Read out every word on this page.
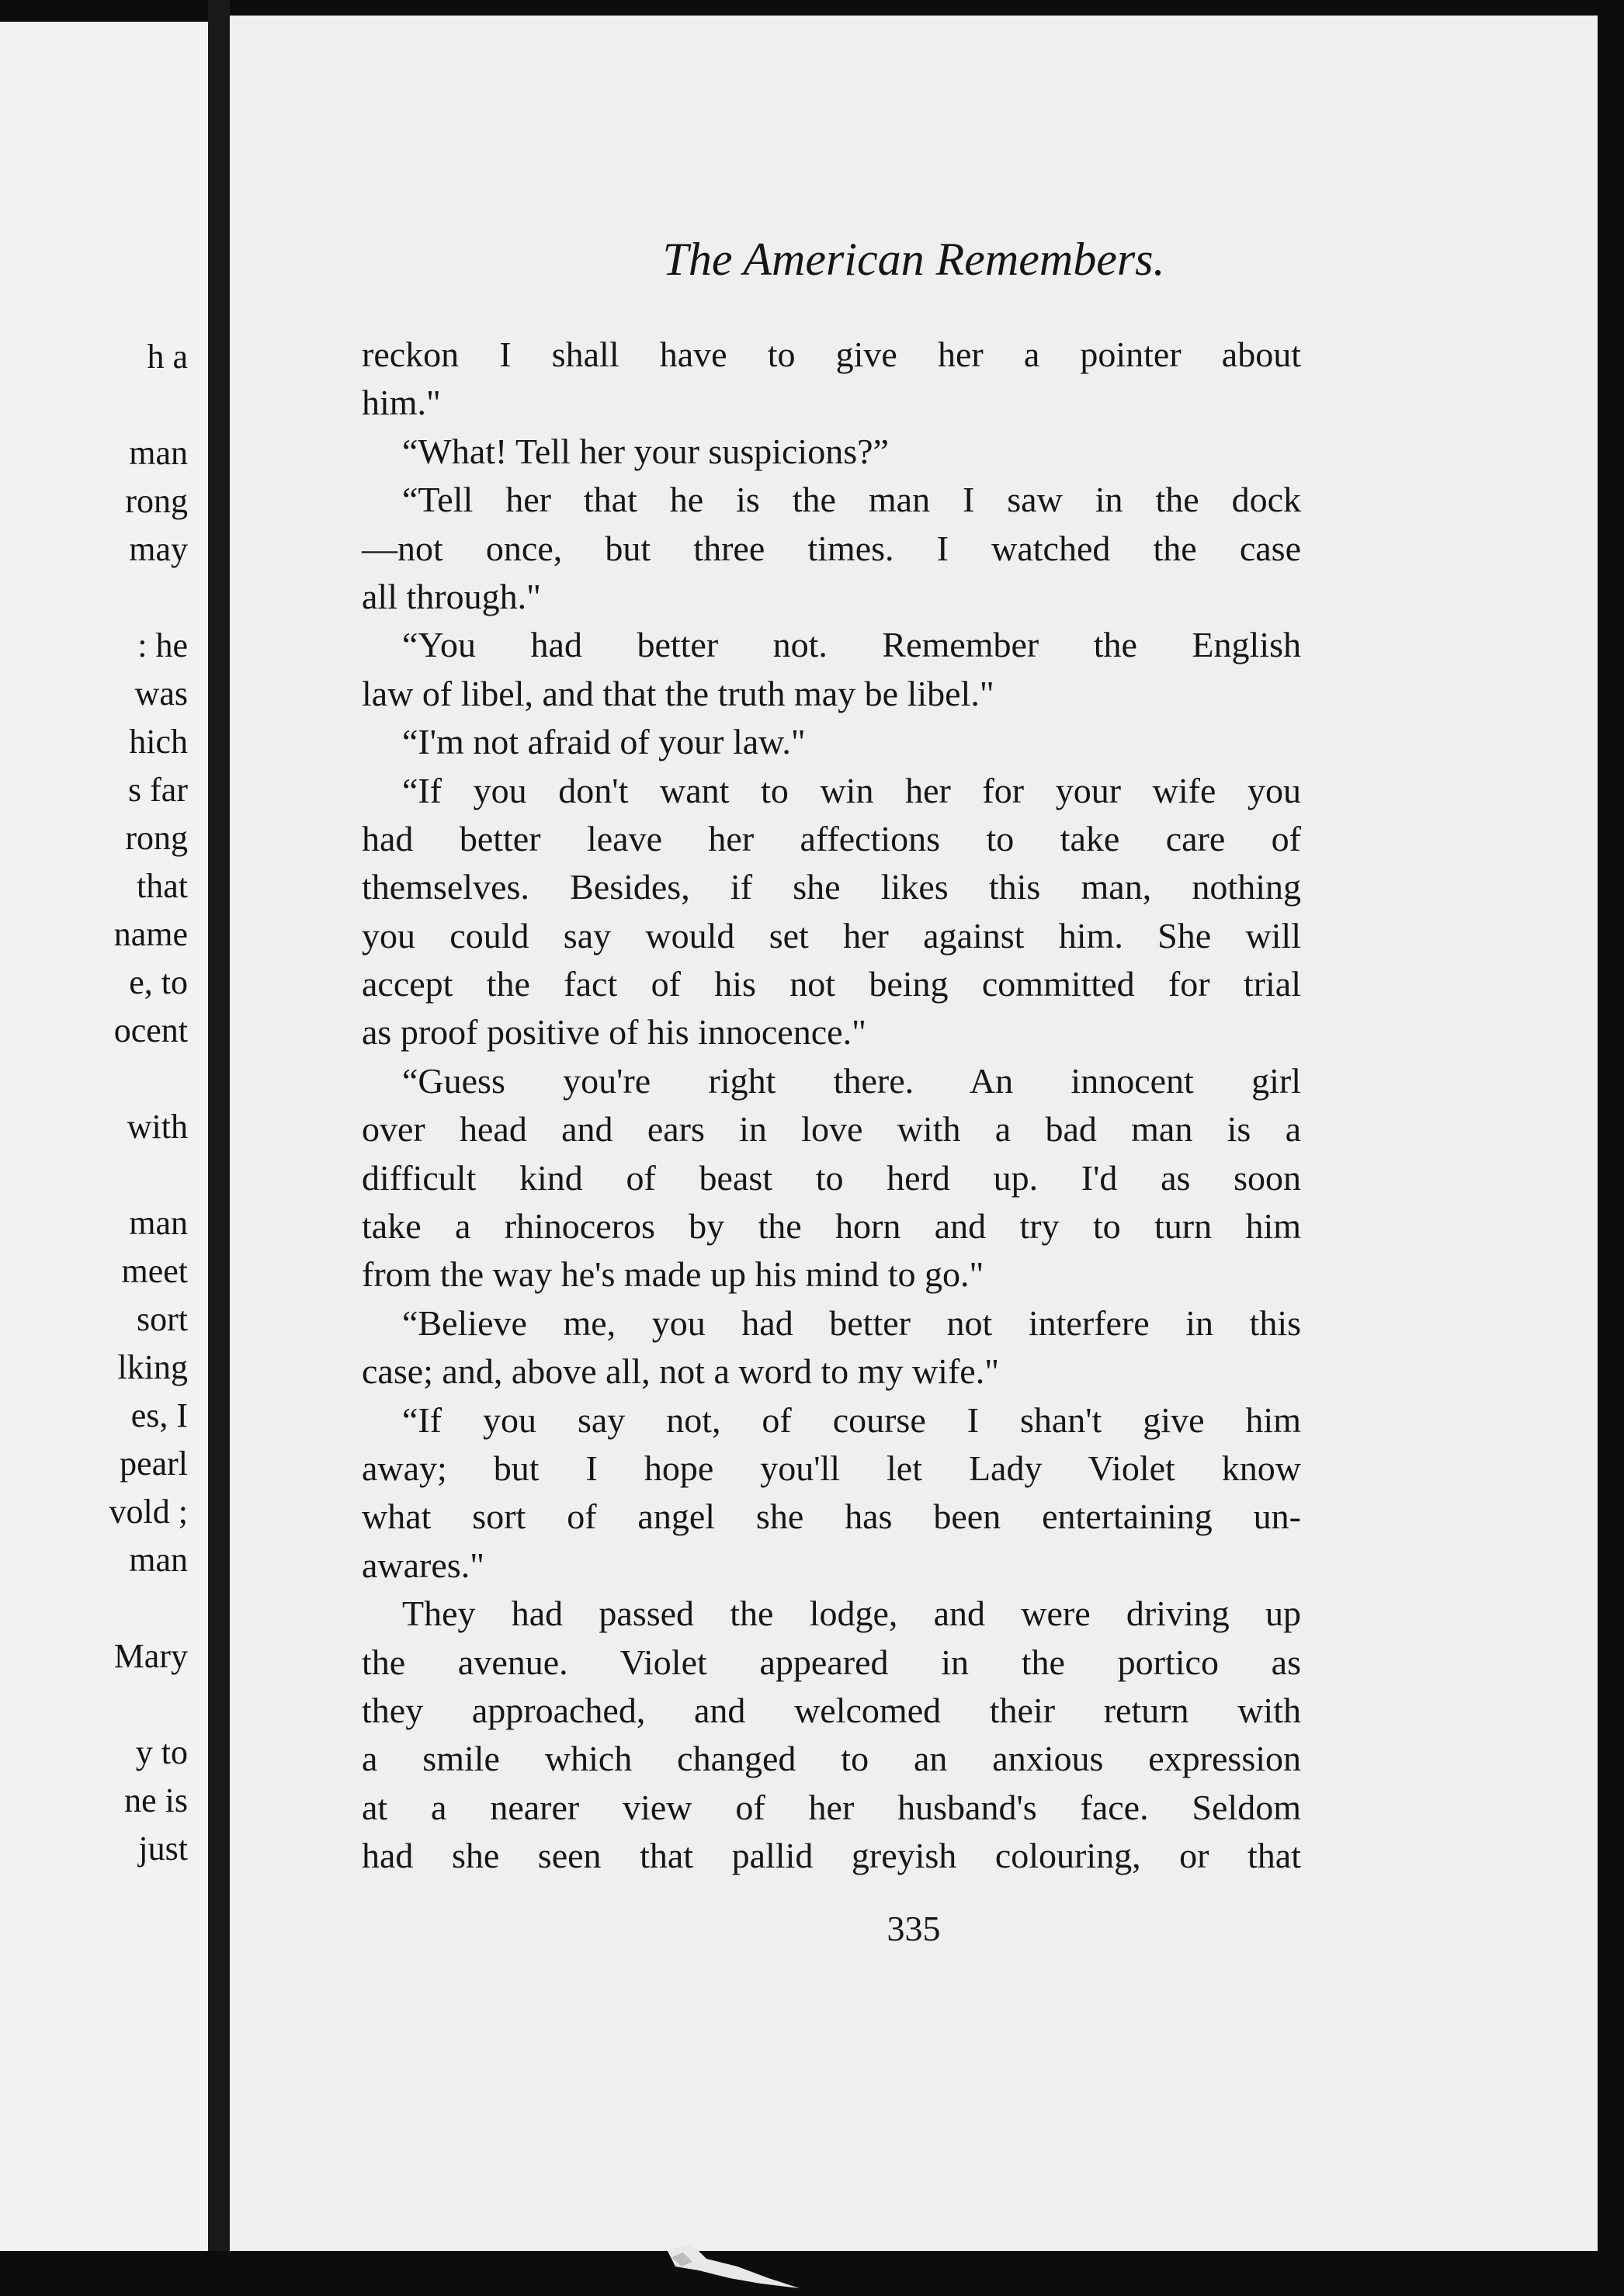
h a
man
rong
may
: he
was
hich
s far
rong
that
name
e, to
ocent
with
man
meet
sort
lking
es, I
pearl
vold ;
man
Mary
y to
ne is
just
The American Remembers.
reckon I shall have to give her a pointer about
him."
“What! Tell her your suspicions?”
“Tell her that he is the man I saw in the dock
—not once, but three times. I watched the case
all through."
“You had better not. Remember the English
law of libel, and that the truth may be libel."
“I'm not afraid of your law."
“If you don't want to win her for your wife you
had better leave her affections to take care of
themselves. Besides, if she likes this man, nothing
you could say would set her against him. She will
accept the fact of his not being committed for trial
as proof positive of his innocence."
“Guess you're right there. An innocent girl
over head and ears in love with a bad man is a
difficult kind of beast to herd up. I'd as soon
take a rhinoceros by the horn and try to turn him
from the way he's made up his mind to go."
“Believe me, you had better not interfere in this
case; and, above all, not a word to my wife."
“If you say not, of course I shan't give him
away; but I hope you'll let Lady Violet know
what sort of angel she has been entertaining un-
awares."
They had passed the lodge, and were driving up
the avenue. Violet appeared in the portico as
they approached, and welcomed their return with
a smile which changed to an anxious expression
at a nearer view of her husband's face. Seldom
had she seen that pallid greyish colouring, or that
335
